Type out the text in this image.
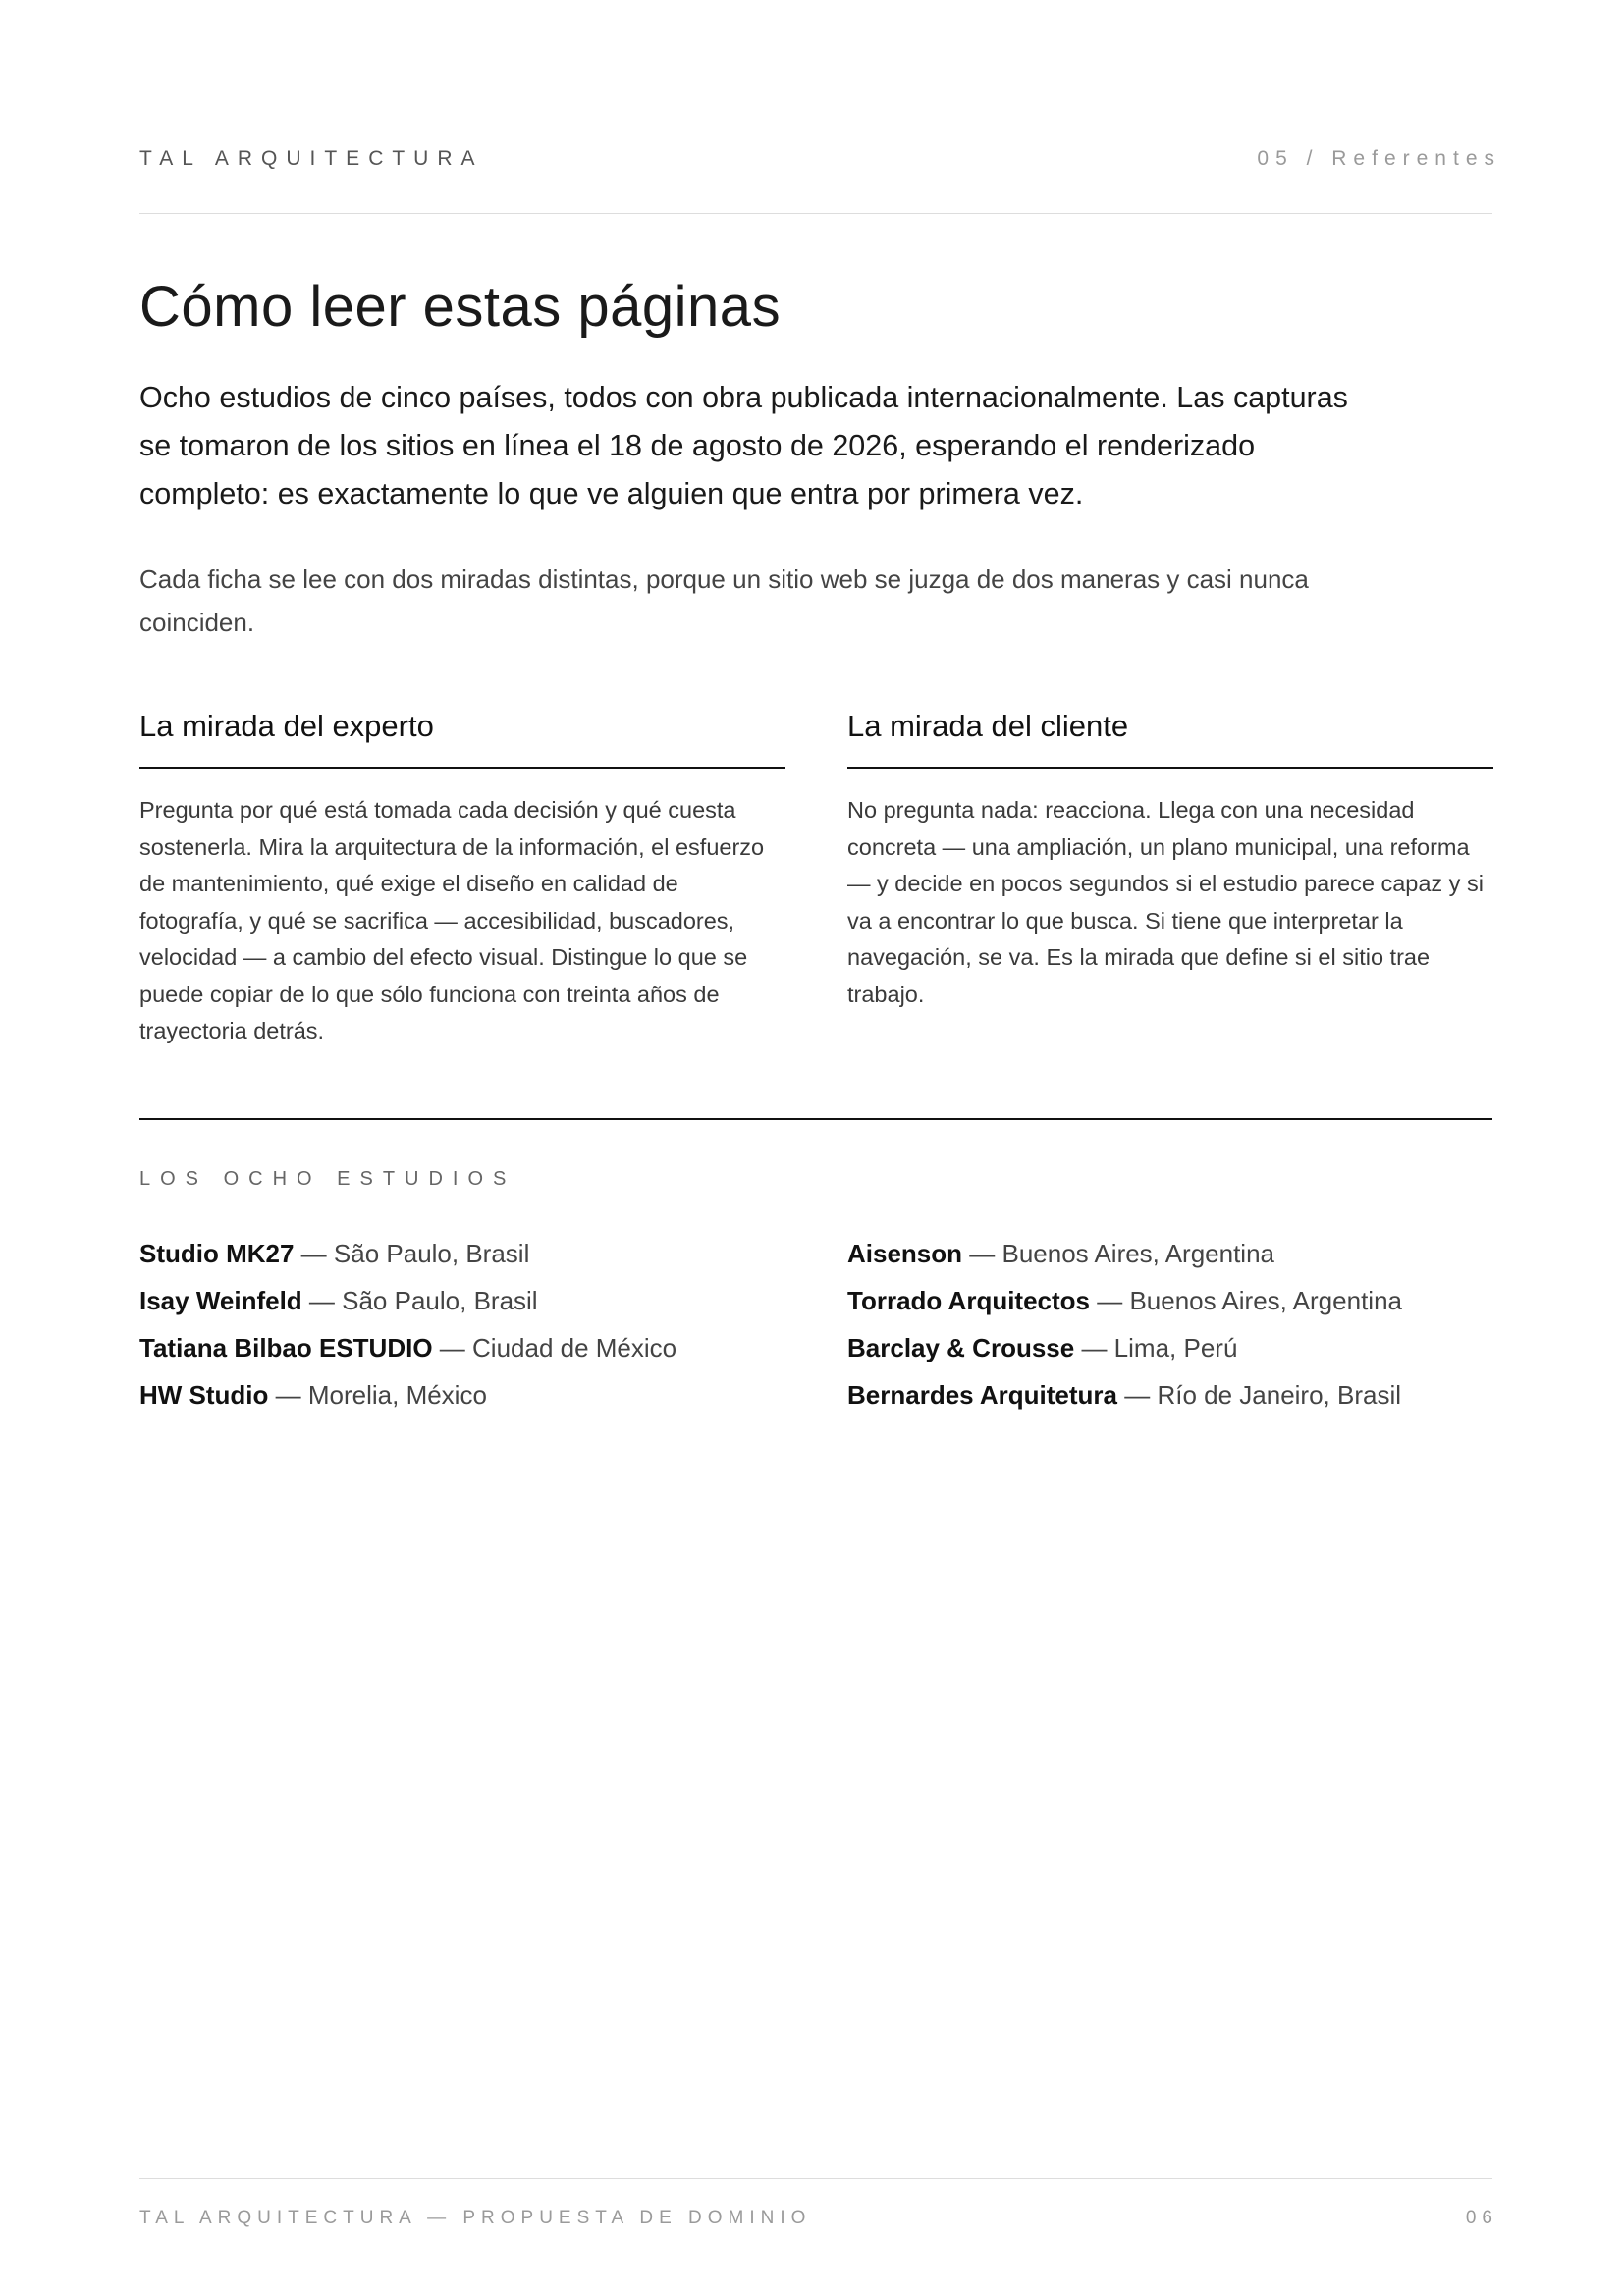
TAL ARQUITECTURA	05 / Referentes
Cómo leer estas páginas

Ocho estudios de cinco países, todos con obra publicada internacionalmente. Las capturas se tomaron de los sitios en línea el 18 de agosto de 2026, esperando el renderizado completo: es exactamente lo que ve alguien que entra por primera vez.

Cada ficha se lee con dos miradas distintas, porque un sitio web se juzga de dos maneras y casi nunca coinciden.

La mirada del experto

Pregunta por qué está tomada cada decisión y qué cuesta sostenerla. Mira la arquitectura de la información, el esfuerzo de mantenimiento, qué exige el diseño en calidad de fotografía, y qué se sacrifica — accesibilidad, buscadores, velocidad — a cambio del efecto visual. Distingue lo que se puede copiar de lo que sólo funciona con treinta años de trayectoria detrás.

La mirada del cliente

No pregunta nada: reacciona. Llega con una necesidad concreta — una ampliación, un plano municipal, una reforma — y decide en pocos segundos si el estudio parece capaz y si va a encontrar lo que busca. Si tiene que interpretar la navegación, se va. Es la mirada que define si el sitio trae trabajo.

LOS OCHO ESTUDIOS
Studio MK27 — São Paulo, Brasil
Isay Weinfeld — São Paulo, Brasil
Tatiana Bilbao ESTUDIO — Ciudad de México
HW Studio — Morelia, México
Aisenson — Buenos Aires, Argentina
Torrado Arquitectos — Buenos Aires, Argentina
Barclay & Crousse — Lima, Perú
Bernardes Arquitetura — Río de Janeiro, Brasil
TAL ARQUITECTURA — PROPUESTA DE DOMINIO	06
